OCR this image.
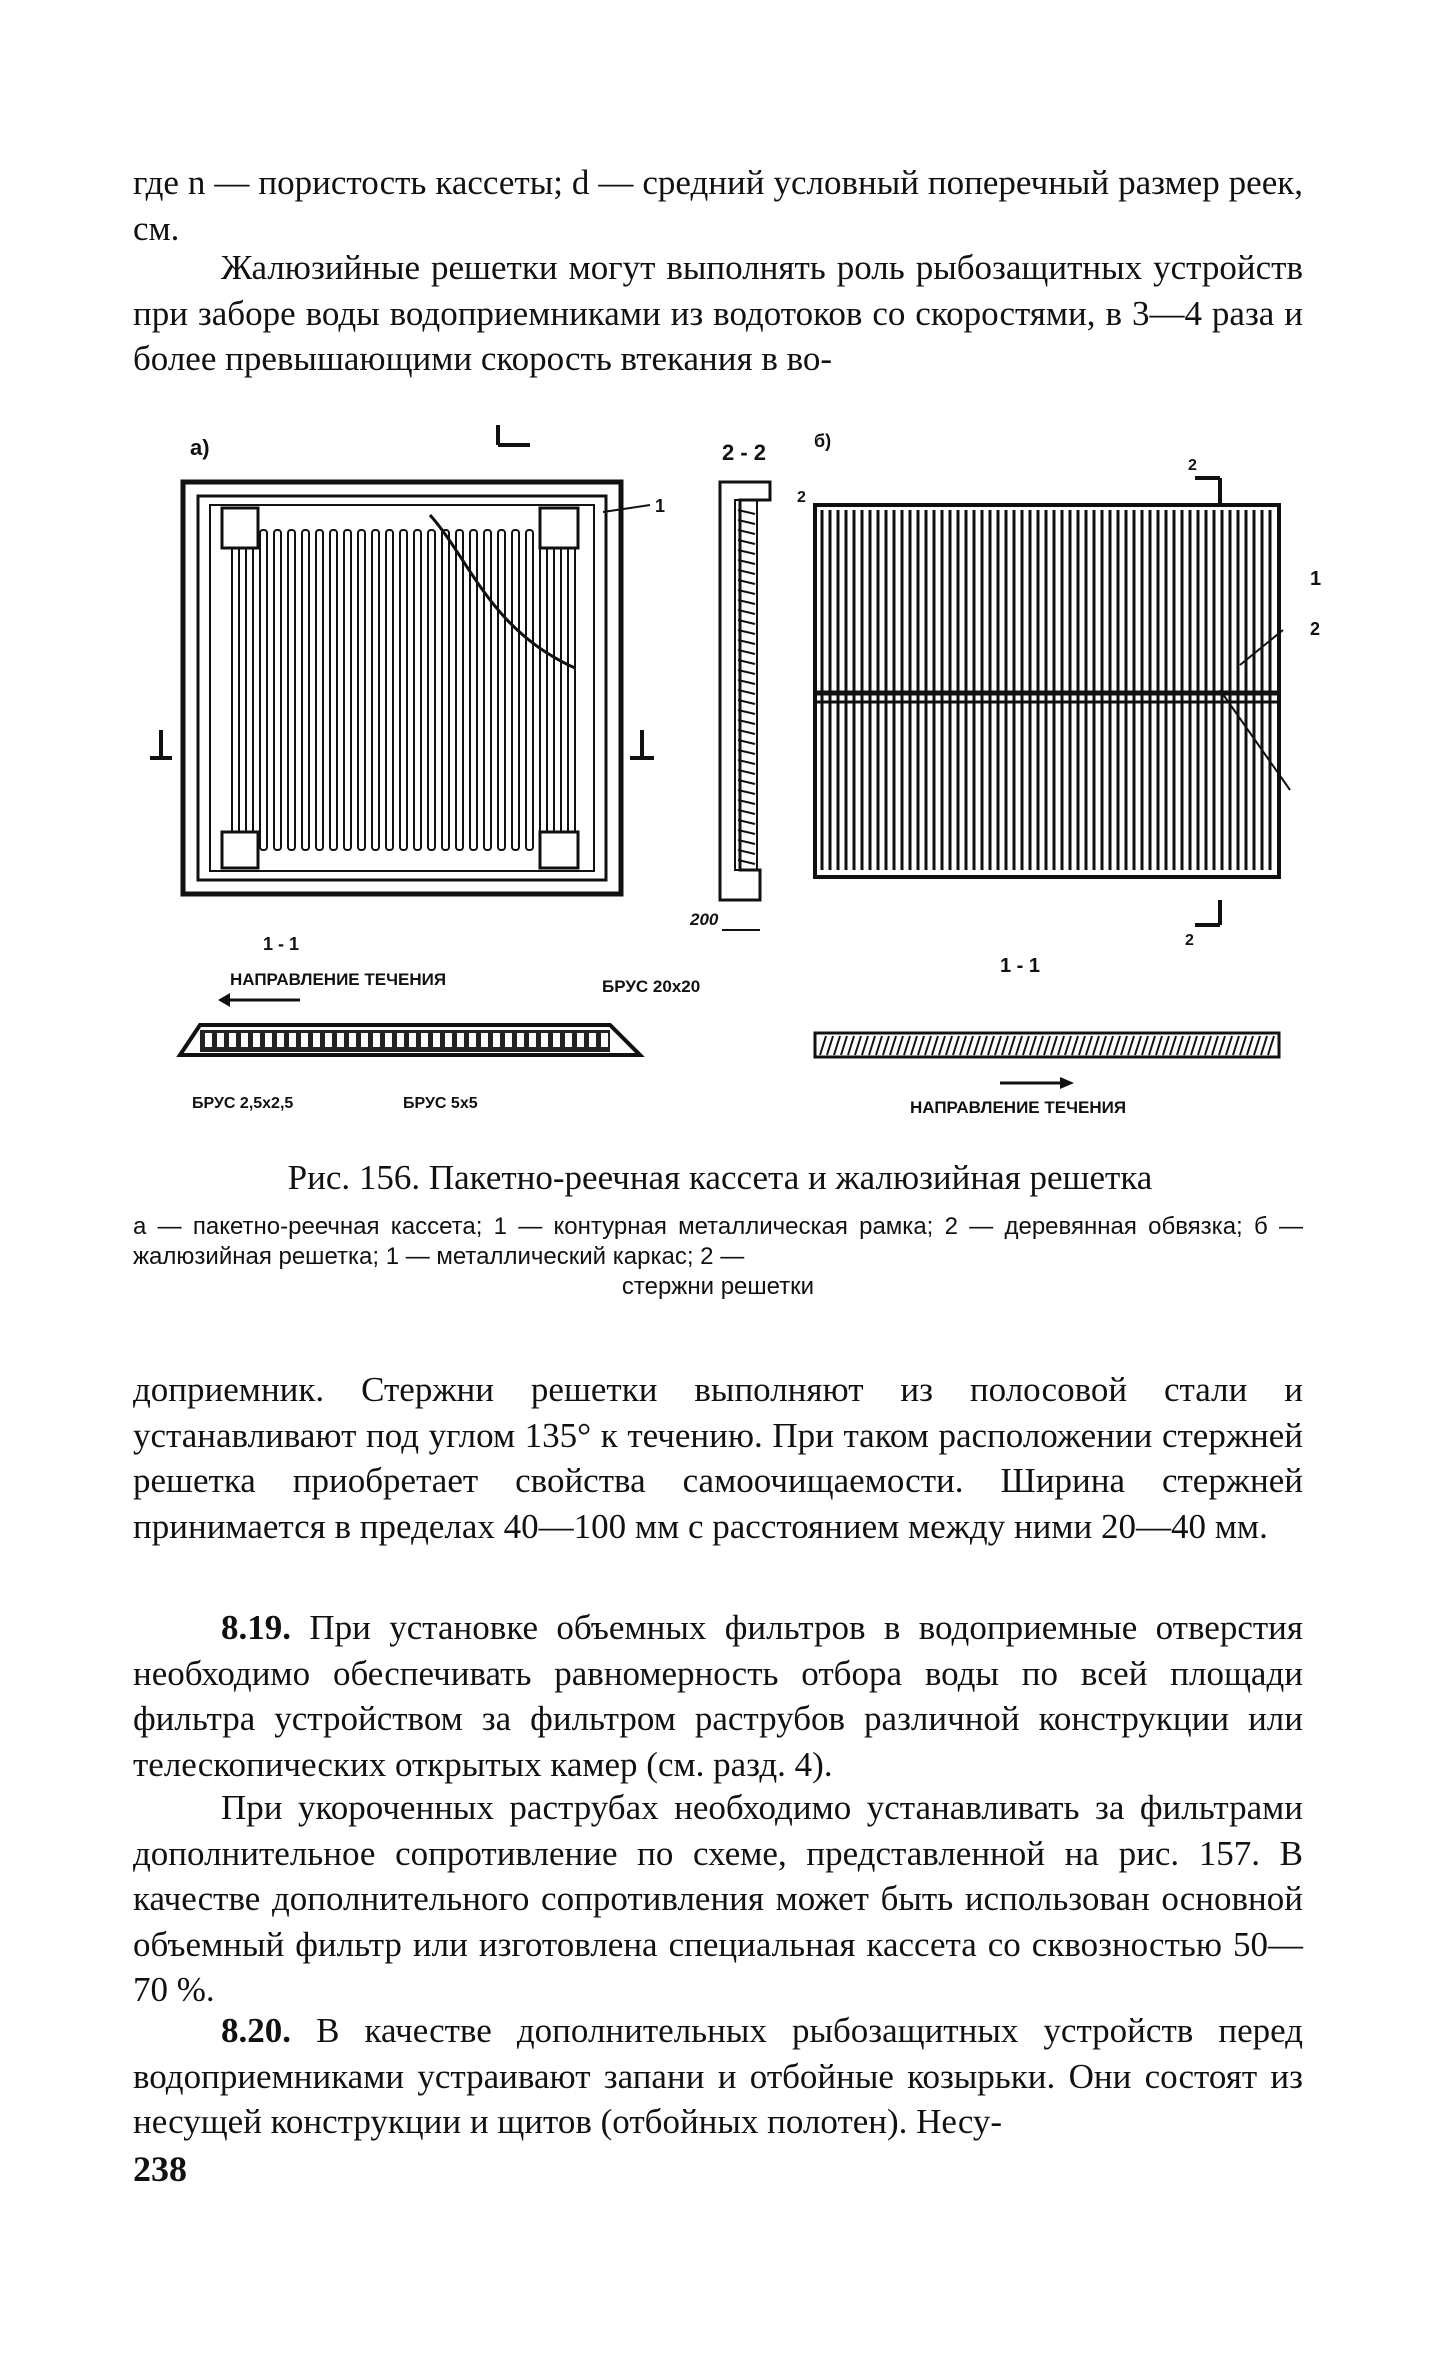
где n — пористость кассеты; d — средний условный поперечный размер реек, см.

Жалюзийные решетки могут выполнять роль рыбозащитных устройств при заборе воды водоприемниками из водотоков со скоростями, в 3—4 раза и более превышающими скорость втекания в во-

а)
1
2 - 2
200
2
б)
1
2
2
2
1 - 1
НАПРАВЛЕНИЕ ТЕЧЕНИЯ	БРУС 20х20
БРУС 2,5х2,5	БРУС 5х5
1 - 1
НАПРАВЛЕНИЕ ТЕЧЕНИЯ

Рис. 156. Пакетно-реечная кассета и жалюзийная решетка

а — пакетно-реечная кассета; 1 — контурная металлическая рамка; 2 — деревянная обвязка; б — жалюзийная решетка; 1 — металлический каркас; 2 —
стержни решетки

доприемник. Стержни решетки выполняют из полосовой стали и устанавливают под углом 135° к течению. При таком расположении стержней решетка приобретает свойства самоочищаемости. Ширина стержней принимается в пределах 40—100 мм с расстоянием между ними 20—40 мм.

8.19. При установке объемных фильтров в водоприемные отверстия необходимо обеспечивать равномерность отбора воды по всей площади фильтра устройством за фильтром раструбов различной конструкции или телескопических открытых камер (см. разд. 4).

При укороченных раструбах необходимо устанавливать за фильтрами дополнительное сопротивление по схеме, представленной на рис. 157. В качестве дополнительного сопротивления может быть использован основной объемный фильтр или изготовлена специальная кассета со сквозностью 50—70 %.

8.20. В качестве дополнительных рыбозащитных устройств перед водоприемниками устраивают запани и отбойные козырьки. Они состоят из несущей конструкции и щитов (отбойных полотен). Несу-

238
